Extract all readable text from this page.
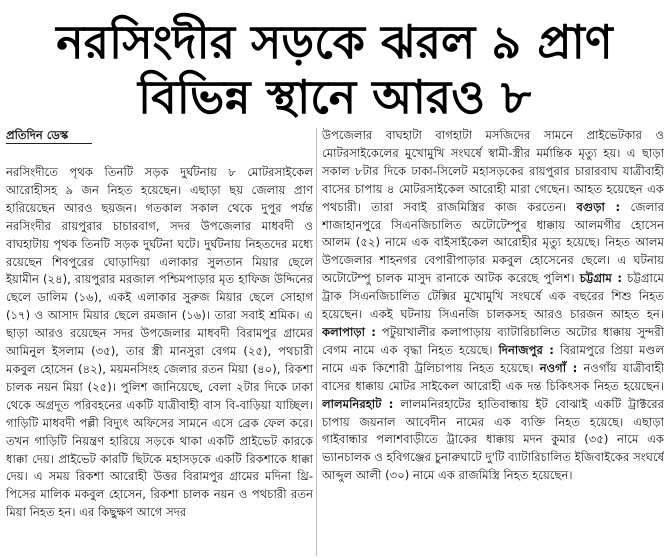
নরসিংদীর সড়কে ঝরল ৯ প্রাণ
বিভিন্ন স্থানে আরও ৮
প্রতিদিন ডেস্ক

নরসিংদীতে পৃথক তিনটি সড়ক দুর্ঘটনায় ৮ মোটরসাইকেল আরোহীসহ ৯ জন নিহত হয়েছেন। এছাড়া ছয় জেলায় প্রাণ হারিয়েছেন আরও ছয়জন। গতকাল সকাল থেকে দুপুর পর্যন্ত নরসিংদীর রায়পুরার চাচারবাগ, সদর উপজেলার মাধবদী ও বাঘহাটায় পৃথক তিনটি সড়ক দুর্ঘটনা ঘটে। দুর্ঘটনায় নিহতদের মধ্যে রয়েছেন শিবপুরের ঘোড়াদিয়া এলাকার সুলতান মিয়ার ছেলে ইয়ামীন (২৪), রায়পুরার মরজাল পশ্চিমপাড়ার মৃত হাফিজ উদ্দিনের ছেলে ডালিম (১৬), একই এলাকার সুরুজ মিয়ার ছেলে সোহাগ (১৭) ও আসাদ মিয়ার ছেলে রমজান (১৬)। তারা সবাই শ্রমিক। এ ছাড়া আরও রয়েছেন সদর উপজেলার মাধবদী বিরামপুর গ্রামের আমিনুল ইসলাম (৩৫), তার স্ত্রী মানসুরা বেগম (২৫), পথচারী মকবুল হোসেন (৪২), ময়মনসিংহ জেলার রতন মিয়া (৪০), রিকশা চালক নয়ন মিয়া (২৫)। পুলিশ জানিয়েছে, বেলা ২টার দিকে ঢাকা থেকে অগ্রদূত পরিবহনের একটি যাত্রীবাহী বাস বি-বাড়িয়া যাচ্ছিল। গাড়িটি মাধবদী পল্লী বিদ্যুৎ অফিসের সামনে এসে ব্রেক ফেল করে। তখন গাড়িটি নিয়ন্ত্রণ হারিয়ে সড়কে থাকা একটি প্রাইভেট কারকে ধাক্কা দেয়। প্রাইভেট কারটি ছিটকে মহাসড়কে একটি রিকশাকে ধাক্কা দেয়। এ সময় রিকশা আরোহী উত্তর বিরামপুর গ্রামের মদিনা থ্রি-পিসের মালিক মকবুল হোসেন, রিকশা চালক নয়ন ও পথচারী রতন মিয়া নিহত হন। এর কিছুক্ষণ আগে সদর

উপজেলার বাঘহাটা বাগহাটা মসজিদের সামনে প্রাইভেটকার ও মোটরসাইকেলের মুখোমুখি সংঘর্ষে স্বামী-স্ত্রীর মর্মান্তিক মৃত্যু হয়। এ ছাড়া সকাল ৮টার দিকে ঢাকা-সিলেট মহাসড়কের রায়পুরার চারারবাঘ যাত্রীবাহী বাসের চাপায় ৪ মোটরসাইকেল আরোহী মারা গেছেন। আহত হয়েছেন এক পথচারী। তারা সবাই রাজমিস্ত্রির কাজ করতেন। বগুড়া : জেলার শাজাহানপুরে সিএনজিচালিত অটোটেম্পুর ধাক্কায় আলমগীর হোসেন আলম (৫২) নামে এক বাইসাইকেল আরোহীর মৃত্যু হয়েছে। নিহত আলম উপজেলার শাহনগর বেপারীপাড়ার মকবুল হোসেনের ছেলে। এ ঘটনায় অটোটেম্পু চালক মাসুদ রানাকে আটক করেছে পুলিশ। চট্টগ্রাম : চট্টগ্রামে ট্রাক সিএনজিচালিত টেক্সির মুখোমুখি সংঘর্ষে এক বছরের শিশু নিহত হয়েছেন। একই ঘটনায় সিএনজি চালকসহ আরও চারজন আহত হন। কলাপাড়া : পটুয়াখালীর কলাপাড়ায় ব্যাটারিচালিত অটোর ধাক্কায় সুন্দরী বেগম নামে এক বৃদ্ধা নিহত হয়েছে। দিনাজপুর : বিরামপুরে প্রিয়া মণ্ডল নামে এক কিশোরী ট্রলিচাপায় নিহত হয়েছে। নওগাঁ : নওগাঁয় যাত্রীবাহী বাসের ধাক্কায় মোটর সাইকেল আরোহী এক দন্ত চিকিৎসক নিহত হয়েছেন। লালমনিরহাট : লালমনিরহাটের হাতিবান্ধায় ইট বোঝাই একটি ট্রাক্টরের চাপায় জয়নাল আবেদীন নামের এক ব্যক্তি নিহত হয়েছে। এছাড়া গাইবান্ধার পলাশবাড়ীতে ট্রাকের ধাক্কায় মদন কুমার (৩৫) নামে এক ভ্যানচালক ও হবিগঞ্জের চুনারুঘাটে দু'টি ব্যাটারিচালিত ইজিবাইকের সংঘর্ষে আব্দুল আলী (৩০) নামে এক রাজমিস্ত্রি নিহত হয়েছেন।
